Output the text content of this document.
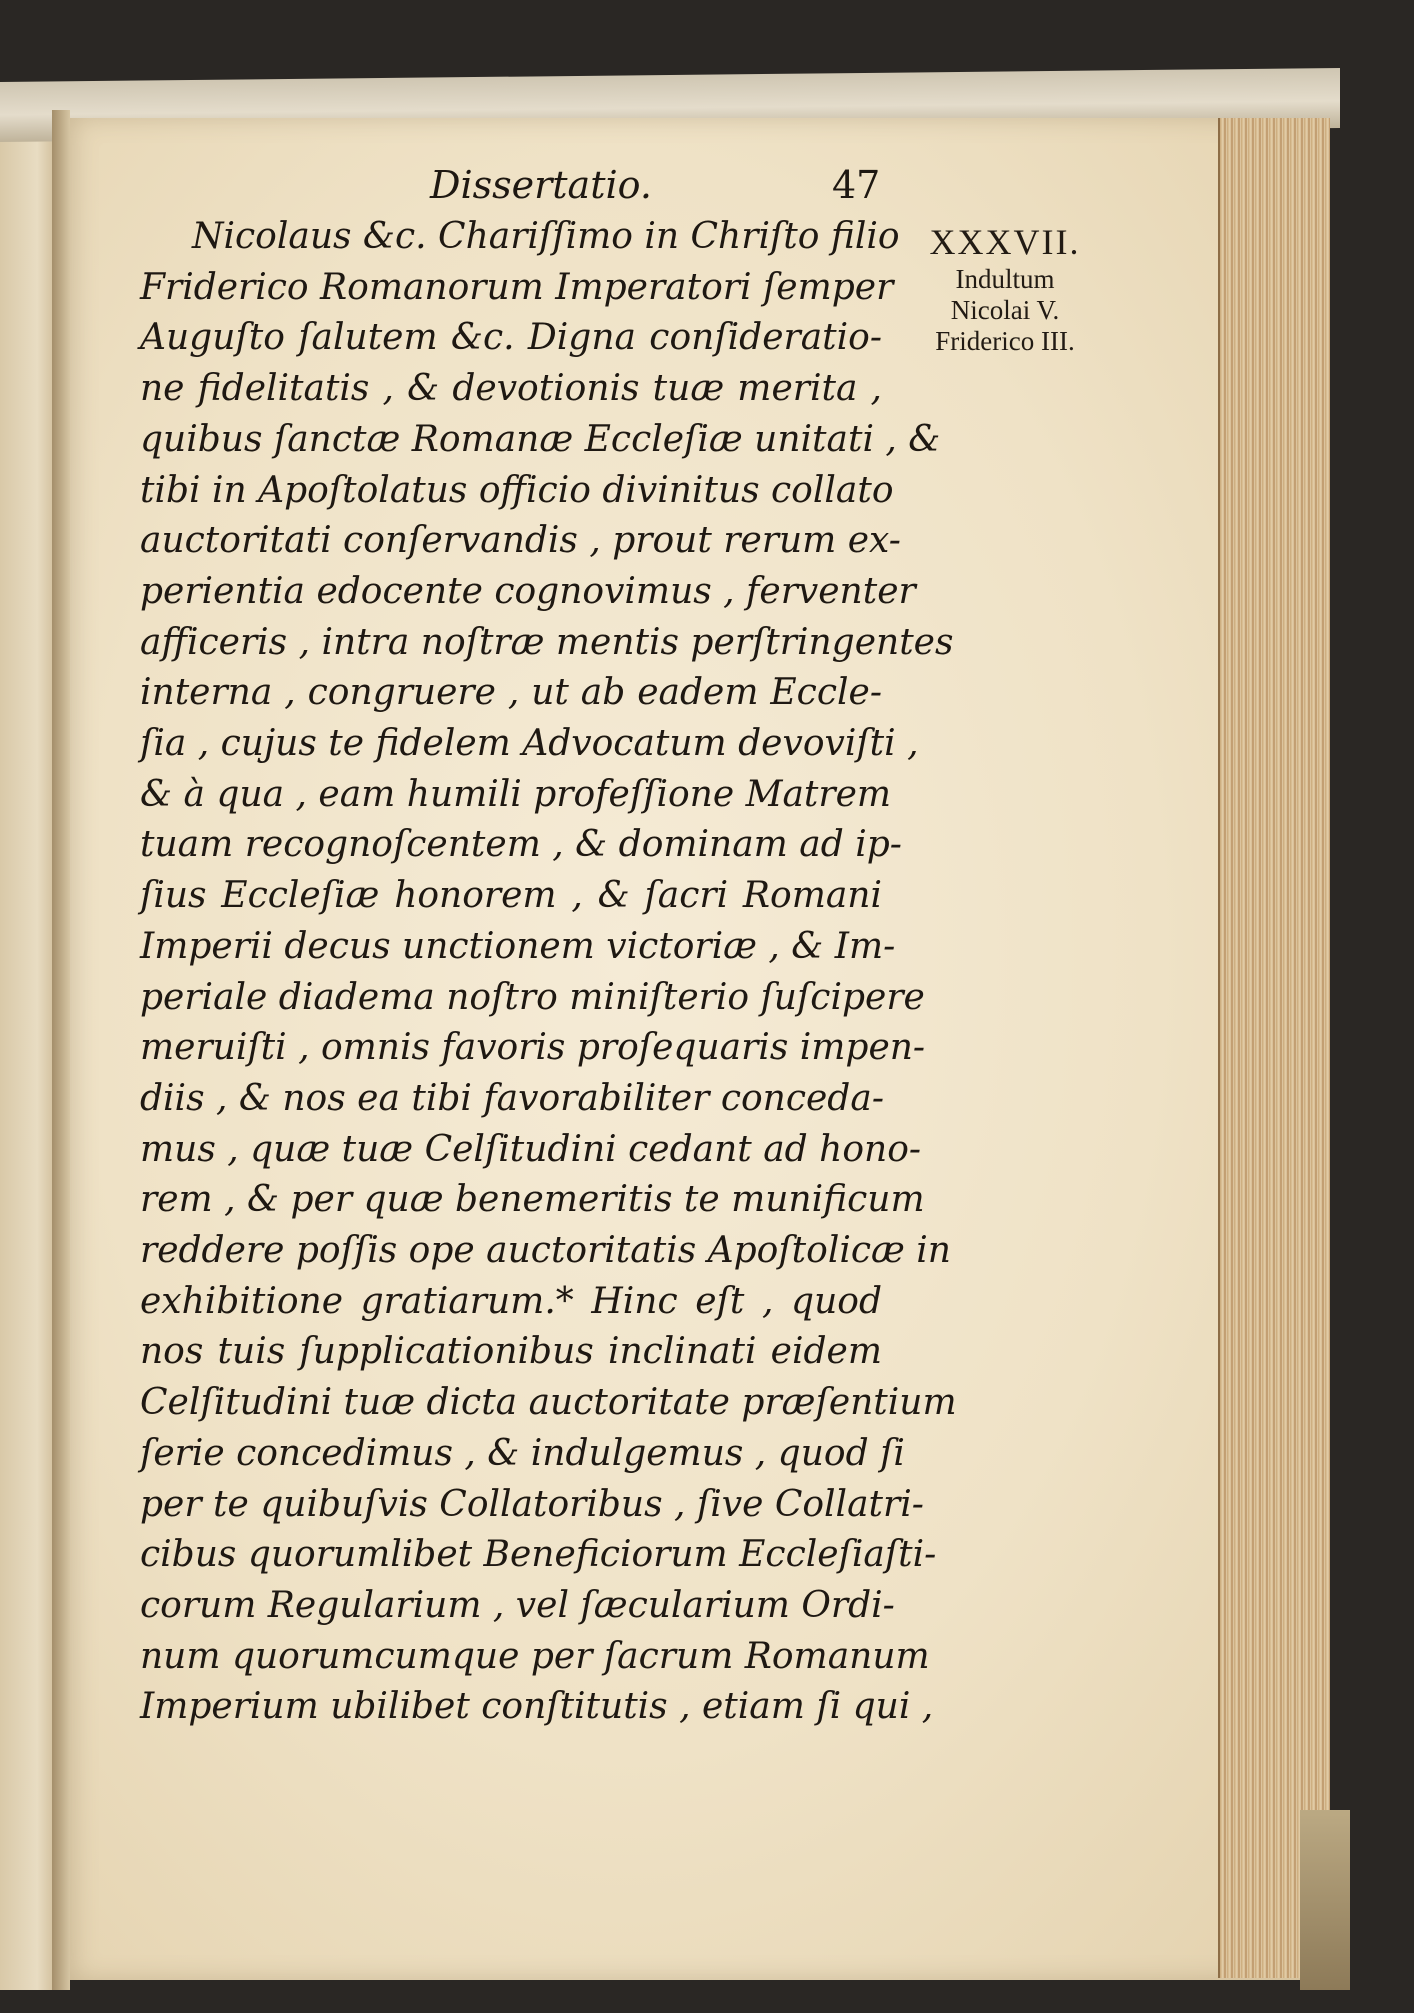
Dissertatio.	47
Nicolaus &c. Chariſſimo in Chriſto filio
Friderico Romanorum Imperatori ſemper
Auguſto ſalutem &c. Digna conſideratio-
ne fidelitatis , & devotionis tuæ merita ,
quibus ſanctæ Romanæ Eccleſiæ unitati , &
tibi in Apoſtolatus officio divinitus collato
auctoritati conſervandis , prout rerum ex-
perientia edocente cognovimus , ferventer
afficeris , intra noſtræ mentis perſtringentes
interna , congruere , ut ab eadem Eccle-
ſia , cujus te fidelem Advocatum devoviſti ,
& à qua , eam humili profeſſione Matrem
tuam recognoſcentem , & dominam ad ip-
ſius Eccleſiæ honorem , & ſacri Romani
Imperii decus unctionem victoriæ , & Im-
periale diadema noſtro miniſterio ſuſcipere
meruiſti , omnis favoris proſequaris impen-
diis , & nos ea tibi favorabiliter conceda-
mus , quæ tuæ Celſitudini cedant ad hono-
rem , & per quæ benemeritis te munificum
reddere poſſis ope auctoritatis Apoſtolicæ in
exhibitione gratiarum.* Hinc eſt , quod
nos tuis ſupplicationibus inclinati eidem
Celſitudini tuæ dicta auctoritate præſentium
ſerie concedimus , & indulgemus , quod ſi
per te quibuſvis Collatoribus , ſive Collatri-
cibus quorumlibet Beneficiorum Eccleſiaſti-
corum Regularium , vel ſæcularium Ordi-
num quorumcumque per ſacrum Romanum
Imperium ubilibet conſtitutis , etiam ſi qui ,
XXXVII.
Indultum
Nicolai V.
Friderico III.
